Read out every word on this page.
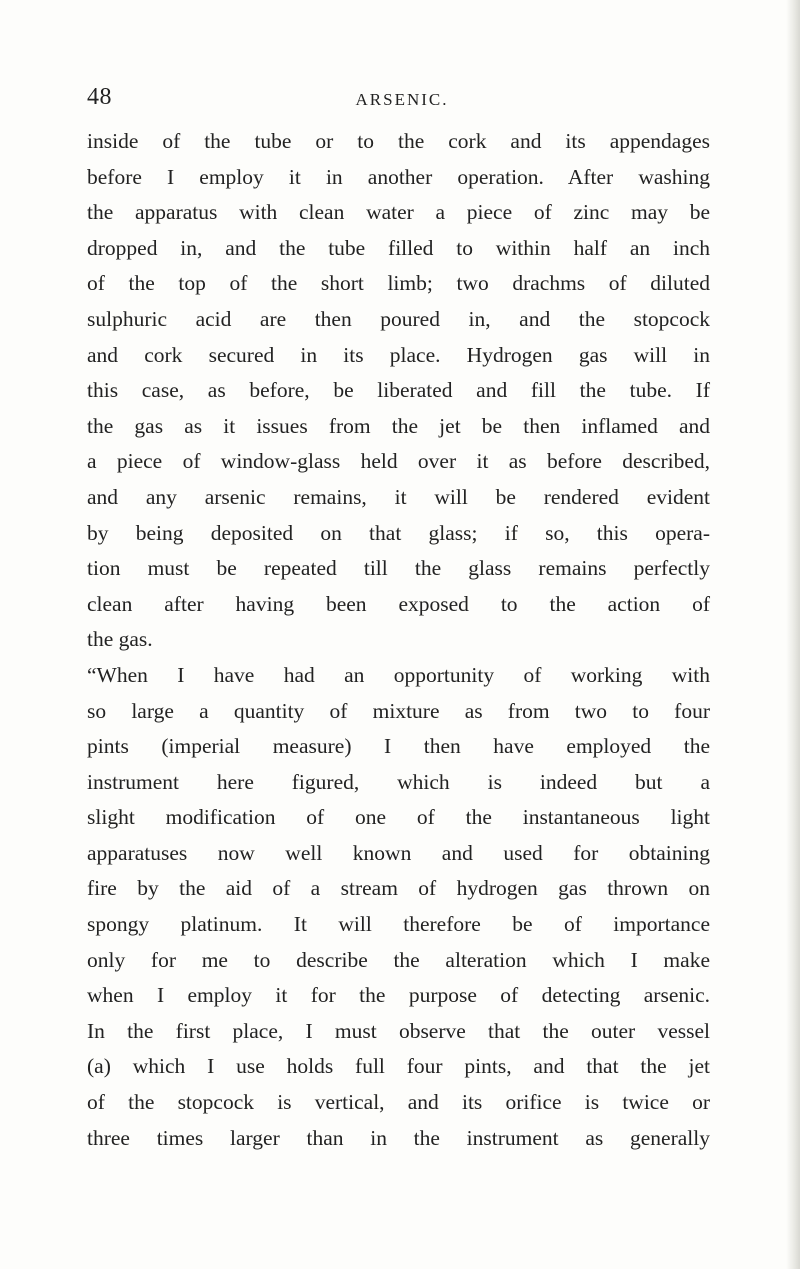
48	ARSENIC.
inside of the tube or to the cork and its appendages
before I employ it in another operation. After washing
the apparatus with clean water a piece of zinc may be
dropped in, and the tube filled to within half an inch
of the top of the short limb; two drachms of diluted
sulphuric acid are then poured in, and the stopcock
and cork secured in its place. Hydrogen gas will in
this case, as before, be liberated and fill the tube. If
the gas as it issues from the jet be then inflamed and
a piece of window-glass held over it as before described,
and any arsenic remains, it will be rendered evident
by being deposited on that glass; if so, this opera-
tion must be repeated till the glass remains perfectly
clean after having been exposed to the action of
the gas.
“When I have had an opportunity of working with
so large a quantity of mixture as from two to four
pints (imperial measure) I then have employed the
instrument here figured, which is indeed but a
slight modification of one of the instantaneous light
apparatuses now well known and used for obtaining
fire by the aid of a stream of hydrogen gas thrown on
spongy platinum. It will therefore be of importance
only for me to describe the alteration which I make
when I employ it for the purpose of detecting arsenic.
In the first place, I must observe that the outer vessel
(a) which I use holds full four pints, and that the jet
of the stopcock is vertical, and its orifice is twice or
three times larger than in the instrument as generally
